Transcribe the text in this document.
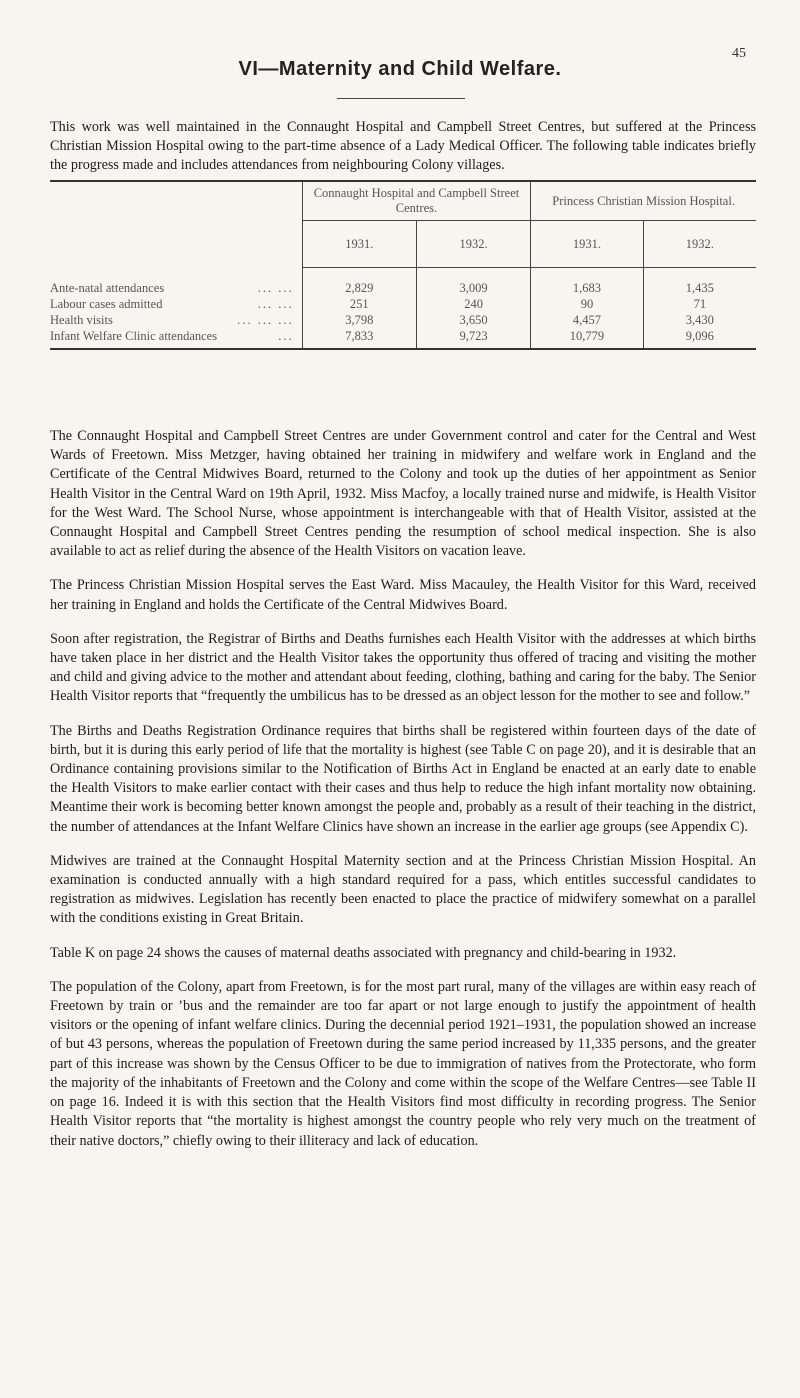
45
VI—Maternity and Child Welfare.

This work was well maintained in the Connaught Hospital and Campbell Street Centres, but suffered at the Princess Christian Mission Hospital owing to the part-time absence of a Lady Medical Officer. The following table indicates briefly the progress made and includes attendances from neighbouring Colony villages.

	Connaught Hospital and Campbell Street Centres.		Princess Christian Mission Hospital.	
	1931.	1932.	1931.	1932.

Ante-natal attendances ... ...	2,829	3,009	1,683	1,435

Labour cases admitted ... ...	251	240	90	71

Health visits ... ... ...	3,798	3,650	4,457	3,430

Infant Welfare Clinic attendances ...	7,833	9,723	10,779	9,096

The Connaught Hospital and Campbell Street Centres are under Government control and cater for the Central and West Wards of Freetown. Miss Metzger, having obtained her training in midwifery and welfare work in England and the Certificate of the Central Midwives Board, returned to the Colony and took up the duties of her appointment as Senior Health Visitor in the Central Ward on 19th April, 1932. Miss Macfoy, a locally trained nurse and midwife, is Health Visitor for the West Ward. The School Nurse, whose appointment is interchangeable with that of Health Visitor, assisted at the Connaught Hospital and Campbell Street Centres pending the resumption of school medical inspection. She is also available to act as relief during the absence of the Health Visitors on vacation leave.

The Princess Christian Mission Hospital serves the East Ward. Miss Macauley, the Health Visitor for this Ward, received her training in England and holds the Certificate of the Central Midwives Board.

Soon after registration, the Registrar of Births and Deaths furnishes each Health Visitor with the addresses at which births have taken place in her district and the Health Visitor takes the opportunity thus offered of tracing and visiting the mother and child and giving advice to the mother and attendant about feeding, clothing, bathing and caring for the baby. The Senior Health Visitor reports that “frequently the umbilicus has to be dressed as an object lesson for the mother to see and follow.”

The Births and Deaths Registration Ordinance requires that births shall be registered within fourteen days of the date of birth, but it is during this early period of life that the mortality is highest (see Table C on page 20), and it is desirable that an Ordinance containing provisions similar to the Notification of Births Act in England be enacted at an early date to enable the Health Visitors to make earlier contact with their cases and thus help to reduce the high infant mortality now obtaining. Meantime their work is becoming better known amongst the people and, probably as a result of their teaching in the district, the number of attendances at the Infant Welfare Clinics have shown an increase in the earlier age groups (see Appendix C).

Midwives are trained at the Connaught Hospital Maternity section and at the Princess Christian Mission Hospital. An examination is conducted annually with a high standard required for a pass, which entitles successful candidates to registration as midwives. Legislation has recently been enacted to place the practice of midwifery somewhat on a parallel with the conditions existing in Great Britain.

Table K on page 24 shows the causes of maternal deaths associated with pregnancy and child-bearing in 1932.

The population of the Colony, apart from Freetown, is for the most part rural, many of the villages are within easy reach of Freetown by train or ’bus and the remainder are too far apart or not large enough to justify the appointment of health visitors or the opening of infant welfare clinics. During the decennial period 1921–1931, the population showed an increase of but 43 persons, whereas the population of Freetown during the same period increased by 11,335 persons, and the greater part of this increase was shown by the Census Officer to be due to immigration of natives from the Protectorate, who form the majority of the inhabitants of Freetown and the Colony and come within the scope of the Welfare Centres—see Table II on page 16. Indeed it is with this section that the Health Visitors find most difficulty in recording progress. The Senior Health Visitor reports that “the mortality is highest amongst the country people who rely very much on the treatment of their native doctors,” chiefly owing to their illiteracy and lack of education.
